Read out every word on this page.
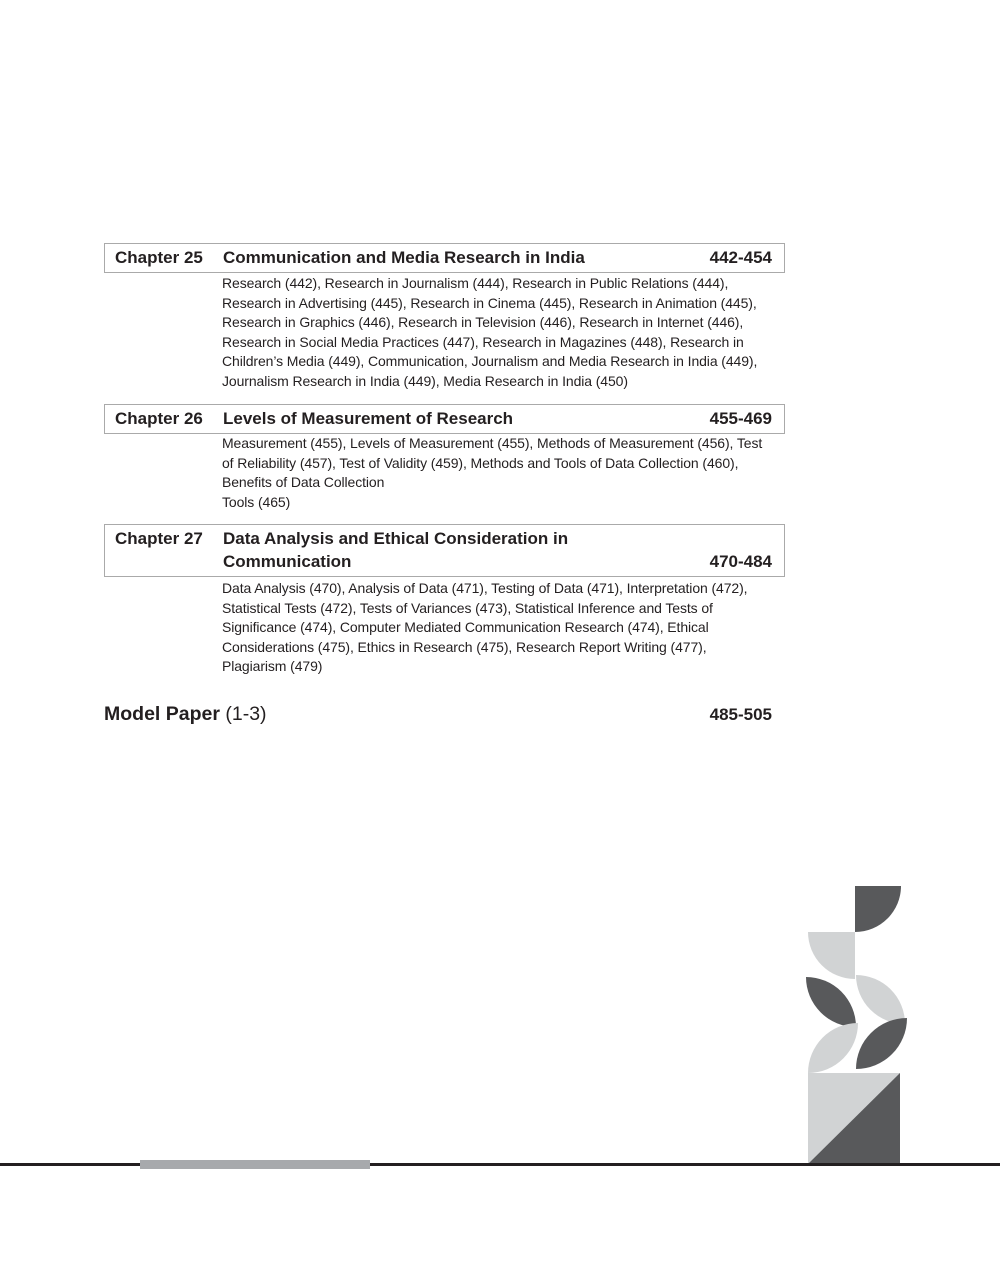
Chapter 25	Communication and Media Research in India	442-454
Research (442), Research in Journalism (444), Research in Public Relations (444),
Research in Advertising (445), Research in Cinema (445), Research in Animation (445),
Research in Graphics (446), Research in Television (446), Research in Internet (446),
Research in Social Media Practices (447), Research in Magazines (448), Research in
Children’s Media (449), Communication, Journalism and Media Research in India (449),
Journalism Research in India (449), Media Research in India (450)
Chapter 26	Levels of Measurement of Research	455-469
Measurement (455), Levels of Measurement (455), Methods of Measurement (456), Test
of Reliability (457), Test of Validity (459), Methods and Tools of Data Collection (460),
Benefits of Data Collection
Tools (465)
Chapter 27	Data Analysis and Ethical Consideration in
Communication	470-484
Data Analysis (470), Analysis of Data (471), Testing of Data (471), Interpretation (472),
Statistical Tests (472), Tests of Variances (473), Statistical Inference and Tests of
Significance (474), Computer Mediated Communication Research (474), Ethical
Considerations (475), Ethics in Research (475), Research Report Writing (477),
Plagiarism (479)
Model Paper (1-3)	485-505
